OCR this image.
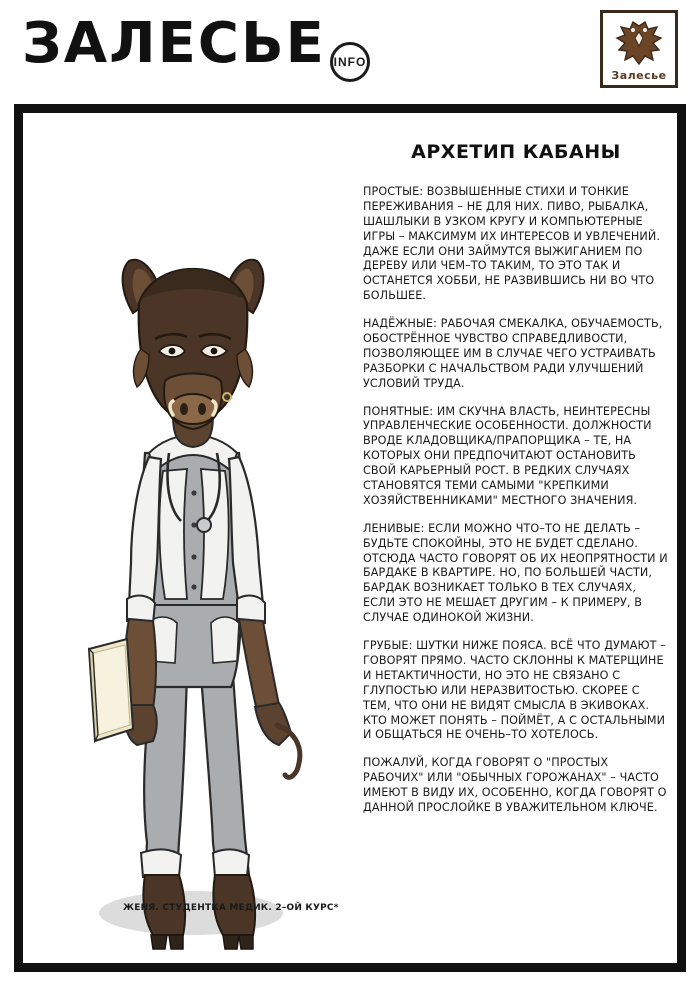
ЗАЛЕСЬЕ INFO
Залесье
ЖЕНЯ. СТУДЕНТКА МЕДИК. 2–ОЙ КУРС*
АРХЕТИП КАБАНЫ

ПРОСТЫЕ: ВОЗВЫШЕННЫЕ СТИХИ И ТОНКИЕ ПЕРЕЖИВАНИЯ – НЕ ДЛЯ НИХ. ПИВО, РЫБАЛКА, ШАШЛЫКИ В УЗКОМ КРУГУ И КОМПЬЮТЕРНЫЕ ИГРЫ – МАКСИМУМ ИХ ИНТЕРЕСОВ И УВЛЕЧЕНИЙ. ДАЖЕ ЕСЛИ ОНИ ЗАЙМУТСЯ ВЫЖИГАНИЕМ ПО ДЕРЕВУ ИЛИ ЧЕМ–ТО ТАКИМ, ТО ЭТО ТАК И ОСТАНЕТСЯ ХОББИ, НЕ РАЗВИВШИСЬ НИ ВО ЧТО БОЛЬШЕЕ.

НАДЁЖНЫЕ: РАБОЧАЯ СМЕКАЛКА, ОБУЧАЕМОСТЬ, ОБОСТРЁННОЕ ЧУВСТВО СПРАВЕДЛИВОСТИ, ПОЗВОЛЯЮЩЕЕ ИМ В СЛУЧАЕ ЧЕГО УСТРАИВАТЬ РАЗБОРКИ С НАЧАЛЬСТВОМ РАДИ УЛУЧШЕНИЙ УСЛОВИЙ ТРУДА.

ПОНЯТНЫЕ: ИМ СКУЧНА ВЛАСТЬ, НЕИНТЕРЕСНЫ УПРАВЛЕНЧЕСКИЕ ОСОБЕННОСТИ. ДОЛЖНОСТИ ВРОДЕ КЛАДОВЩИКА/ПРАПОРЩИКА – ТЕ, НА КОТОРЫХ ОНИ ПРЕДПОЧИТАЮТ ОСТАНОВИТЬ СВОЙ КАРЬЕРНЫЙ РОСТ. В РЕДКИХ СЛУЧАЯХ СТАНОВЯТСЯ ТЕМИ САМЫМИ "КРЕПКИМИ ХОЗЯЙСТВЕННИКАМИ" МЕСТНОГО ЗНАЧЕНИЯ.

ЛЕНИВЫЕ: ЕСЛИ МОЖНО ЧТО–ТО НЕ ДЕЛАТЬ – БУДЬТЕ СПОКОЙНЫ, ЭТО НЕ БУДЕТ СДЕЛАНО. ОТСЮДА ЧАСТО ГОВОРЯТ ОБ ИХ НЕОПРЯТНОСТИ И БАРДАКЕ В КВАРТИРЕ. НО, ПО БОЛЬШЕЙ ЧАСТИ, БАРДАК ВОЗНИКАЕТ ТОЛЬКО В ТЕХ СЛУЧАЯХ, ЕСЛИ ЭТО НЕ МЕШАЕТ ДРУГИМ – К ПРИМЕРУ, В СЛУЧАЕ ОДИНОКОЙ ЖИЗНИ.

ГРУБЫЕ: ШУТКИ НИЖЕ ПОЯСА. ВСЁ ЧТО ДУМАЮТ – ГОВОРЯТ ПРЯМО. ЧАСТО СКЛОННЫ К МАТЕРЩИНЕ И НЕТАКТИЧНОСТИ, НО ЭТО НЕ СВЯЗАНО С ГЛУПОСТЬЮ ИЛИ НЕРАЗВИТОСТЬЮ. СКОРЕЕ С ТЕМ, ЧТО ОНИ НЕ ВИДЯТ СМЫСЛА В ЭКИВОКАХ. КТО МОЖЕТ ПОНЯТЬ – ПОЙМЁТ, А С ОСТАЛЬНЫМИ И ОБЩАТЬСЯ НЕ ОЧЕНЬ–ТО ХОТЕЛОСЬ.

ПОЖАЛУЙ, КОГДА ГОВОРЯТ О "ПРОСТЫХ РАБОЧИХ" ИЛИ "ОБЫЧНЫХ ГОРОЖАНАХ" – ЧАСТО ИМЕЮТ В ВИДУ ИХ, ОСОБЕННО, КОГДА ГОВОРЯТ О ДАННОЙ ПРОСЛОЙКЕ В УВАЖИТЕЛЬНОМ КЛЮЧЕ.
